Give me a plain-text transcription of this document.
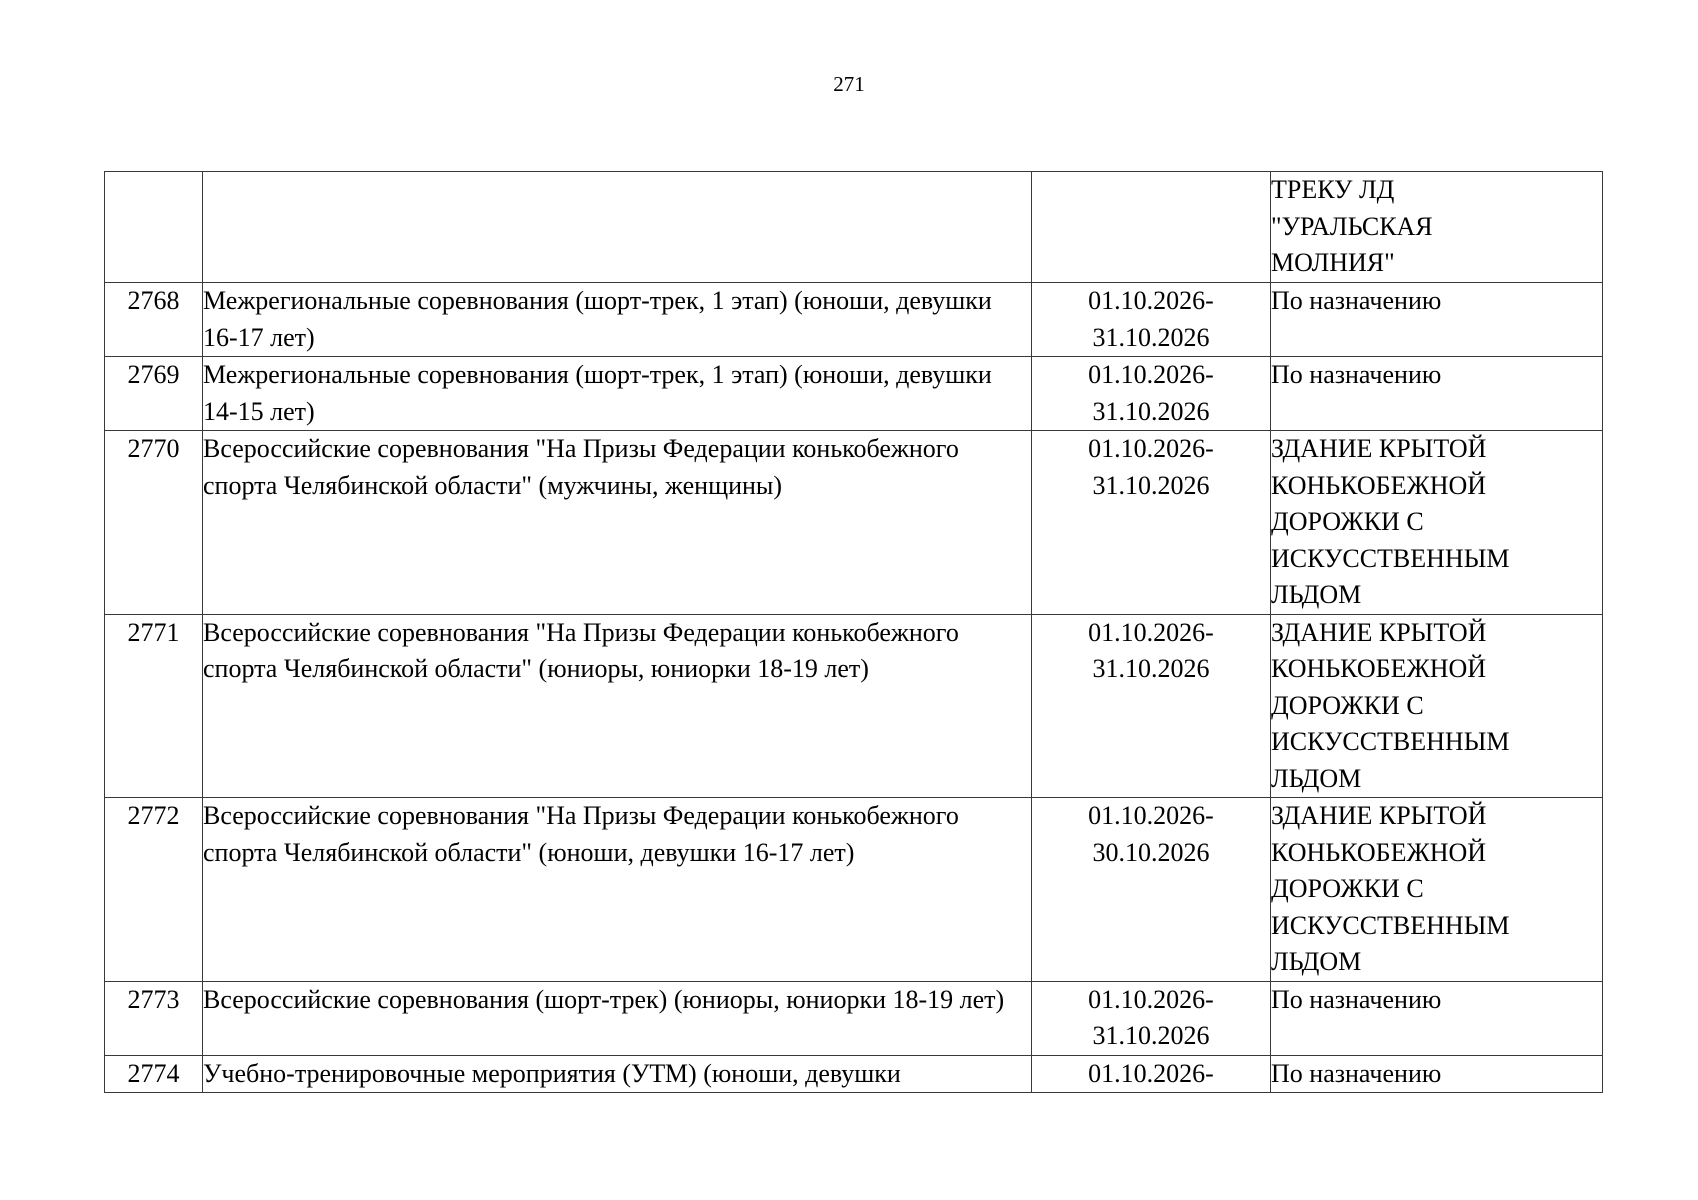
271

			ТРЕКУ ЛД
"УРАЛЬСКАЯ
МОЛНИЯ"

2768	Межрегиональные соревнования (шорт-трек, 1 этап) (юноши, девушки 16-17 лет)	01.10.2026-
31.10.2026	По назначению

2769	Межрегиональные соревнования (шорт-трек, 1 этап) (юноши, девушки 14-15 лет)	01.10.2026-
31.10.2026	По назначению

2770	Всероссийские соревнования "На Призы Федерации конькобежного спорта Челябинской области" (мужчины, женщины)	01.10.2026-
31.10.2026	ЗДАНИЕ КРЫТОЙ
КОНЬКОБЕЖНОЙ
ДОРОЖКИ С
ИСКУССТВЕННЫМ
ЛЬДОМ

2771	Всероссийские соревнования "На Призы Федерации конькобежного спорта Челябинской области" (юниоры, юниорки 18-19 лет)	01.10.2026-
31.10.2026	ЗДАНИЕ КРЫТОЙ
КОНЬКОБЕЖНОЙ
ДОРОЖКИ С
ИСКУССТВЕННЫМ
ЛЬДОМ

2772	Всероссийские соревнования "На Призы Федерации конькобежного спорта Челябинской области" (юноши, девушки 16-17 лет)	01.10.2026-
30.10.2026	ЗДАНИЕ КРЫТОЙ
КОНЬКОБЕЖНОЙ
ДОРОЖКИ С
ИСКУССТВЕННЫМ
ЛЬДОМ

2773	Всероссийские соревнования (шорт-трек) (юниоры, юниорки 18-19 лет)	01.10.2026-
31.10.2026	По назначению

2774	Учебно-тренировочные мероприятия (УТМ) (юноши, девушки	01.10.2026-	По назначению
